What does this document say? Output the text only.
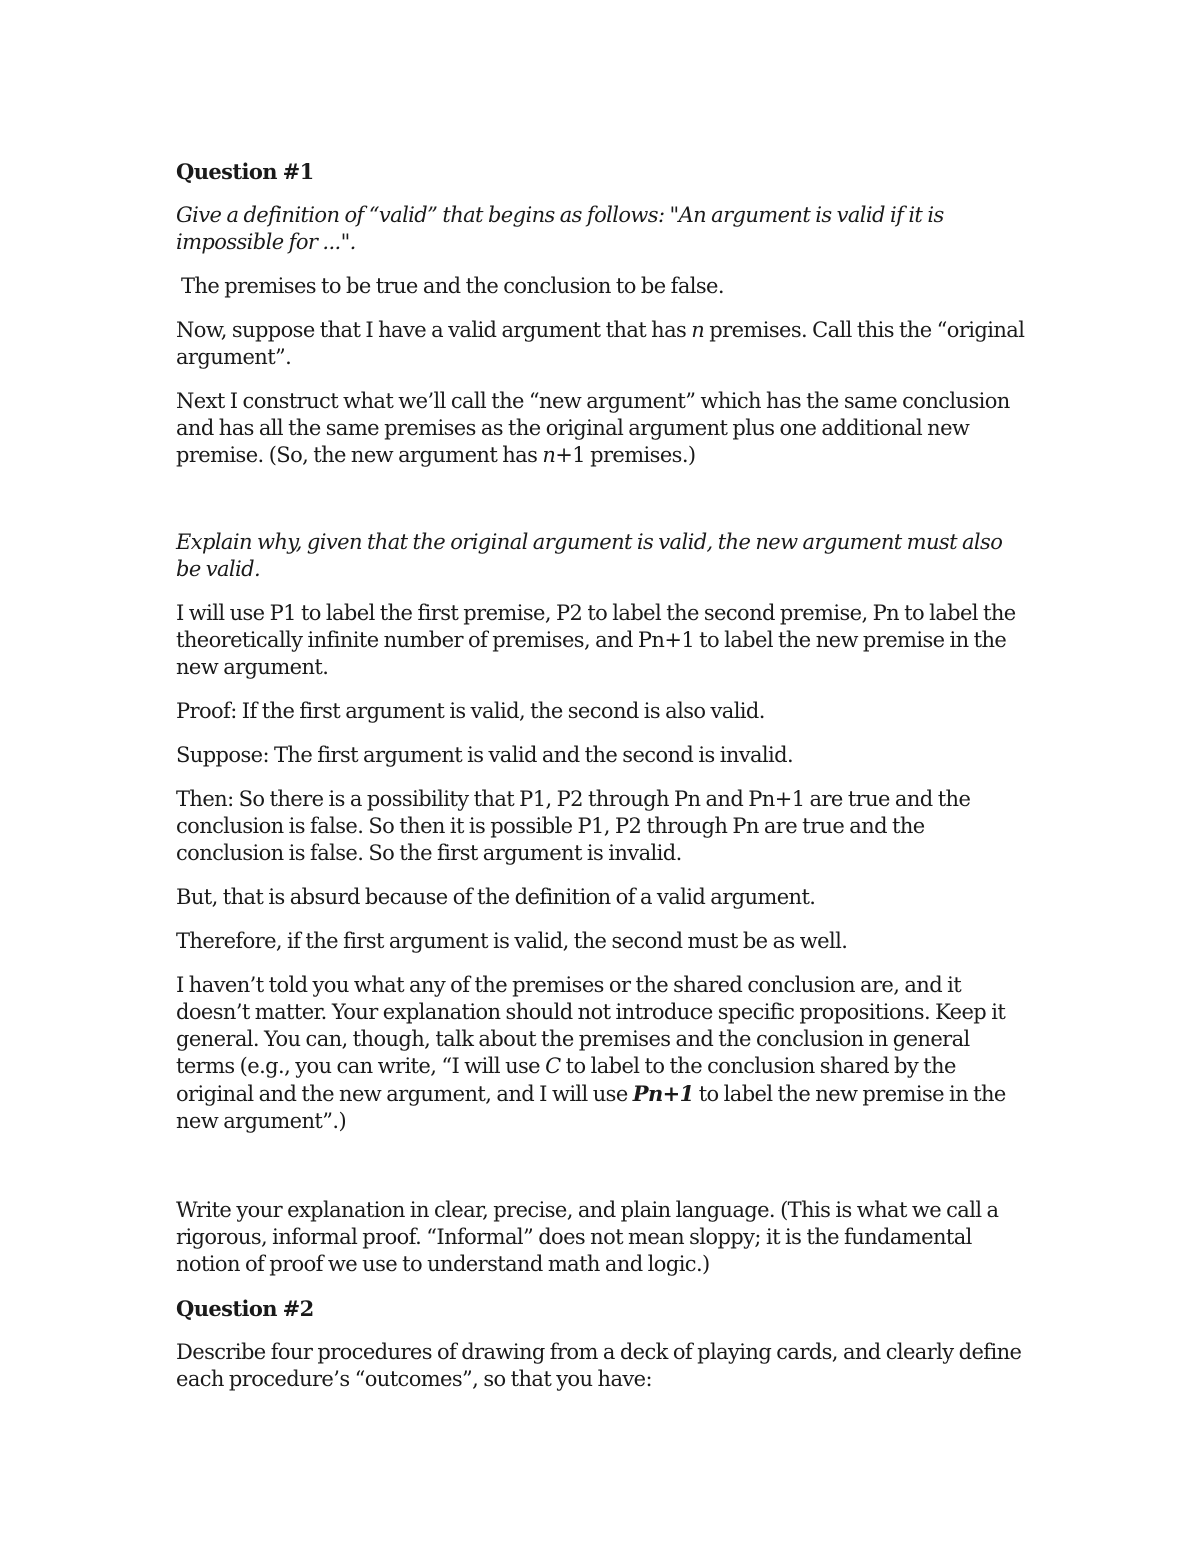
Question #1

Give a definition of “valid” that begins as follows: "An argument is valid if it is impossible for ...".

The premises to be true and the conclusion to be false.

Now, suppose that I have a valid argument that has n premises. Call this the “original argument”.

Next I construct what we’ll call the “new argument” which has the same conclusion and has all the same premises as the original argument plus one additional new premise. (So, the new argument has n+1 premises.)

Explain why, given that the original argument is valid, the new argument must also be valid.

I will use P1 to label the first premise, P2 to label the second premise, Pn to label the theoretically infinite number of premises, and Pn+1 to label the new premise in the new argument.

Proof: If the first argument is valid, the second is also valid.

Suppose: The first argument is valid and the second is invalid.

Then: So there is a possibility that P1, P2 through Pn and Pn+1 are true and the conclusion is false. So then it is possible P1, P2 through Pn are true and the conclusion is false. So the first argument is invalid.

But, that is absurd because of the definition of a valid argument.

Therefore, if the first argument is valid, the second must be as well.

I haven’t told you what any of the premises or the shared conclusion are, and it doesn’t matter. Your explanation should not introduce specific propositions. Keep it general. You can, though, talk about the premises and the conclusion in general terms (e.g., you can write, “I will use C to label to the conclusion shared by the original and the new argument, and I will use Pn+1 to label the new premise in the new argument”.)

Write your explanation in clear, precise, and plain language. (This is what we call a rigorous, informal proof. “Informal” does not mean sloppy; it is the fundamental notion of proof we use to understand math and logic.)

Question #2

Describe four procedures of drawing from a deck of playing cards, and clearly define each procedure’s “outcomes”, so that you have:
